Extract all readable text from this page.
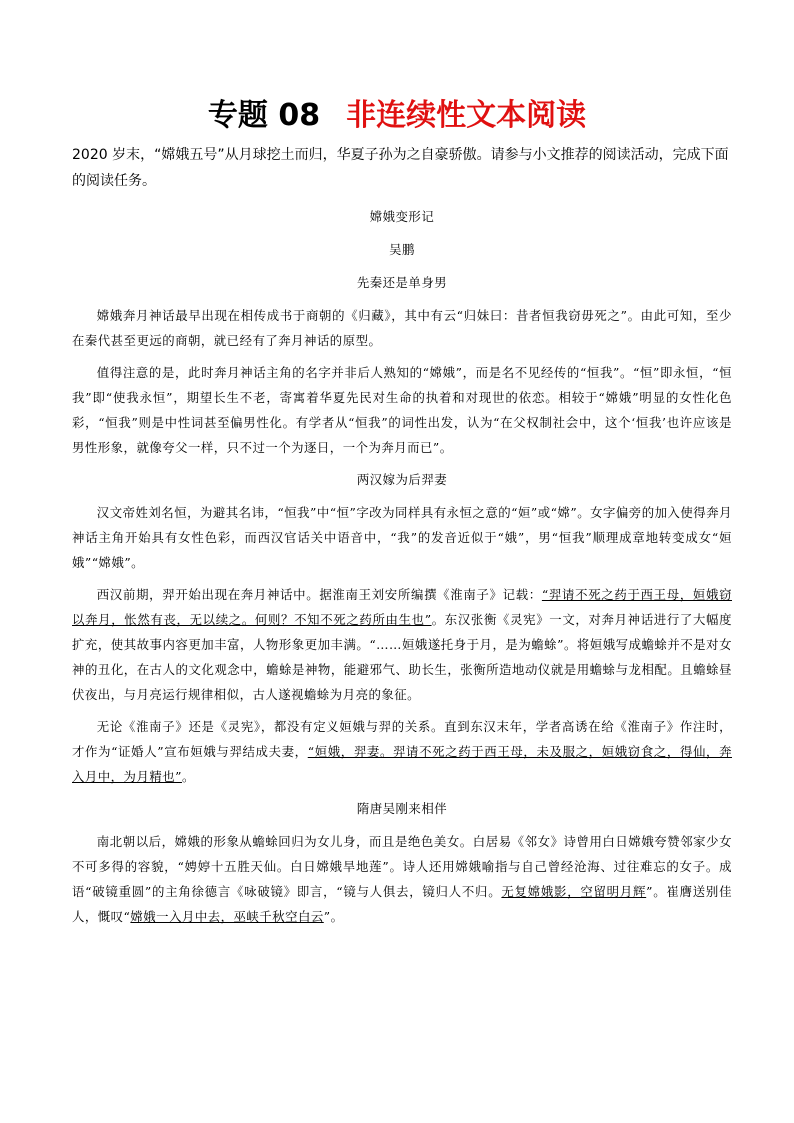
专题 08 非连续性文本阅读
2020 岁末，“嫦娥五号”从月球挖土而归，华夏子孙为之自豪骄傲。请参与小文推荐的阅读活动，完成下面的阅读任务。
嫦娥变形记
吴鹏
先秦还是单身男

嫦娥奔月神话最早出现在相传成书于商朝的《归藏》，其中有云“归妹曰：昔者恒我窃毋死之”。由此可知，至少在秦代甚至更远的商朝，就已经有了奔月神话的原型。

值得注意的是，此时奔月神话主角的名字并非后人熟知的“嫦娥”，而是名不见经传的“恒我”。“恒”即永恒，“恒我”即“使我永恒”，期望长生不老，寄寓着华夏先民对生命的执着和对现世的依恋。相较于“嫦娥”明显的女性化色彩，“恒我”则是中性词甚至偏男性化。有学者从“恒我”的词性出发，认为“在父权制社会中，这个‘恒我’也许应该是男性形象，就像夸父一样，只不过一个为逐日，一个为奔月而已”。

两汉嫁为后羿妻

汉文帝姓刘名恒，为避其名讳，“恒我”中“恒”字改为同样具有永恒之意的“姮”或“嫦”。女字偏旁的加入使得奔月神话主角开始具有女性色彩，而西汉官话关中语音中，“我”的发音近似于“娥”，男“恒我”顺理成章地转变成女“姮娥”“嫦娥”。

西汉前期，羿开始出现在奔月神话中。据淮南王刘安所编撰《淮南子》记载：“羿请不死之药于西王母，姮娥窃以奔月，怅然有丧，无以续之。何则？不知不死之药所由生也”。东汉张衡《灵宪》一文，对奔月神话进行了大幅度扩充，使其故事内容更加丰富，人物形象更加丰满。“……姮娥遂托身于月，是为蟾蜍”。将姮娥写成蟾蜍并不是对女神的丑化，在古人的文化观念中，蟾蜍是神物，能避邪气、助长生，张衡所造地动仪就是用蟾蜍与龙相配。且蟾蜍昼伏夜出，与月亮运行规律相似，古人遂视蟾蜍为月亮的象征。

无论《淮南子》还是《灵宪》，都没有定义姮娥与羿的关系。直到东汉末年，学者高诱在给《淮南子》作注时，才作为“证婚人”宣布姮娥与羿结成夫妻，“姮娥，羿妻。羿请不死之药于西王母，未及服之，姮娥窃食之，得仙，奔入月中，为月精也”。

隋唐吴刚来相伴

南北朝以后，嫦娥的形象从蟾蜍回归为女儿身，而且是绝色美女。白居易《邻女》诗曾用白日嫦娥夸赞邻家少女不可多得的容貌，“娉婷十五胜天仙。白日嫦娥旱地莲”。诗人还用嫦娥喻指与自己曾经沧海、过往难忘的女子。成语“破镜重圆”的主角徐德言《咏破镜》即言，“镜与人俱去，镜归人不归。无复嫦娥影，空留明月辉”。崔膺送别佳人，慨叹“嫦娥一入月中去，巫峡千秋空白云”。
